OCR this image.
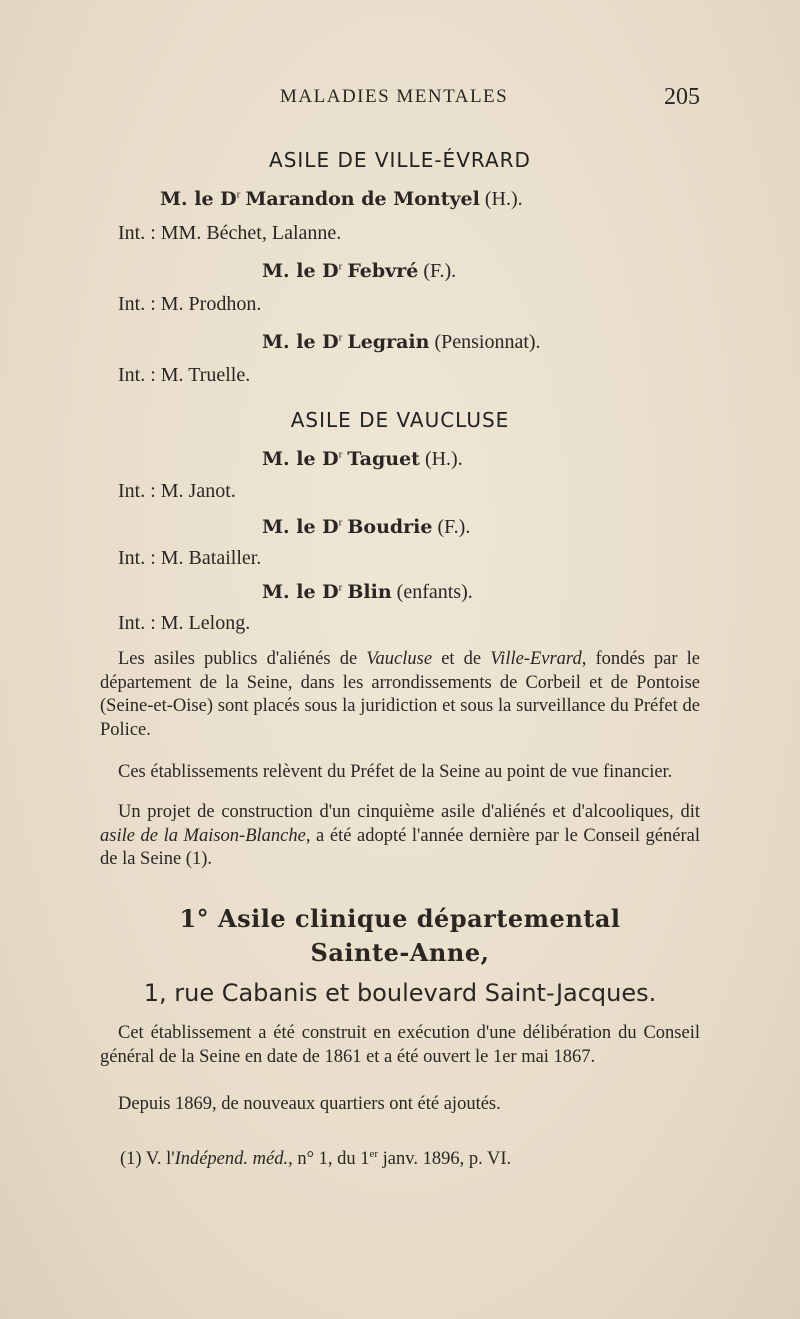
MALADIES MENTALES	205
ASILE DE VILLE-ÉVRARD
M. le $D^r$ Marandon de Montyel (H.).
Int. : MM. Béchet, Lalanne.
M. le $D^r$ Febvré (F.).
Int. : M. Prodhon.
M. le $D^r$ Legrain (Pensionnat).
Int. : M. Truelle.
ASILE DE VAUCLUSE
M. le $D^r$ Taguet (H.).
Int. : M. Janot.
M. le $D^r$ Boudrie (F.).
Int. : M. Batailler.
M. le $D^r$ Blin (enfants).
Int. : M. Lelong.
Les asiles publics d'aliénés de Vaucluse et de Ville-Evrard, fondés par le département de la Seine, dans les arrondissements de Corbeil et de Pontoise (Seine-et-Oise) sont placés sous la juridiction et sous la surveillance du Préfet de Police.
Ces établissements relèvent du Préfet de la Seine au point de vue financier.
Un projet de construction d'un cinquième asile d'aliénés et d'alcooliques, dit asile de la Maison-Blanche, a été adopté l'année dernière par le Conseil général de la Seine (1).
1° Asile clinique départemental
Sainte-Anne,
1, rue Cabanis et boulevard Saint-Jacques.
Cet établissement a été construit en exécution d'une délibération du Conseil général de la Seine en date de 1861 et a été ouvert le 1er mai 1867.
Depuis 1869, de nouveaux quartiers ont été ajoutés.
(1) V. l'Indépend. méd., n° 1, du 1er janv. 1896, p. VI.
